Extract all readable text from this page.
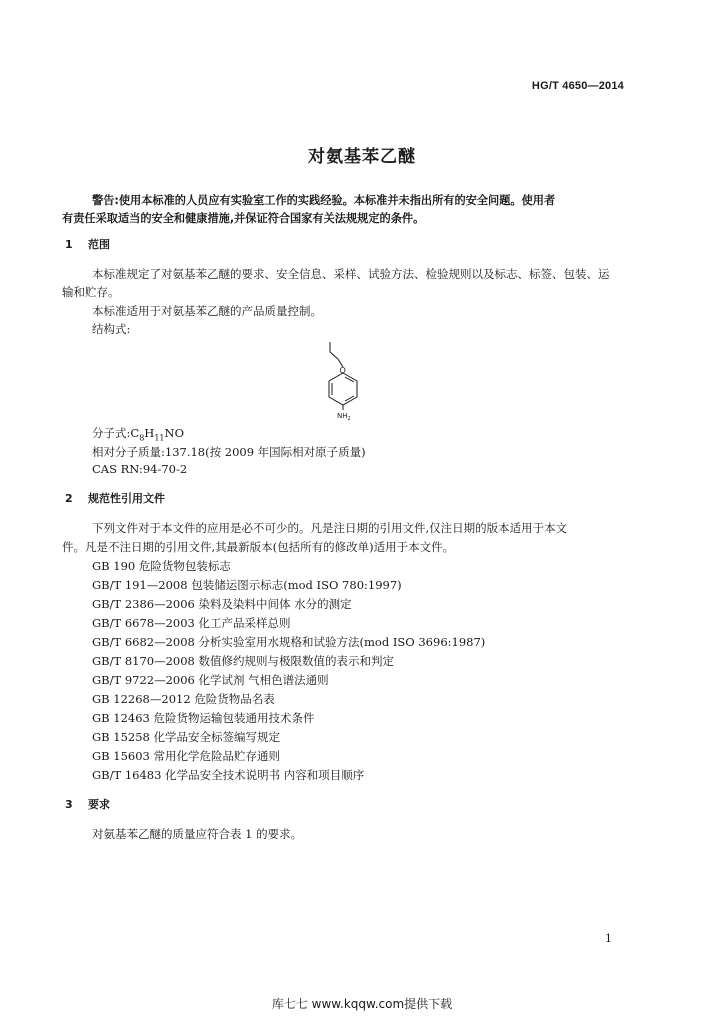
HG/T 4650—2014
对氨基苯乙醚
警告:使用本标准的人员应有实验室工作的实践经验。本标准并未指出所有的安全问题。使用者
有责任采取适当的安全和健康措施,并保证符合国家有关法规规定的条件。
1 范围
本标准规定了对氨基苯乙醚的要求、安全信息、采样、试验方法、检验规则以及标志、标签、包装、运
输和贮存。
本标准适用于对氨基苯乙醚的产品质量控制。
结构式:
O
$NH_2$
分子式$:C_8H_{11}NO$
相对分子质量:137.18(按 2009 年国际相对原子质量)
CAS RN:94-70-2
2 规范性引用文件
下列文件对于本文件的应用是必不可少的。凡是注日期的引用文件,仅注日期的版本适用于本文
件。凡是不注日期的引用文件,其最新版本(包括所有的修改单)适用于本文件。
GB 190 危险货物包装标志
GB/T 191—2008 包装储运图示标志(mod ISO 780:1997)
GB/T 2386—2006 染料及染料中间体 水分的测定
GB/T 6678—2003 化工产品采样总则
GB/T 6682—2008 分析实验室用水规格和试验方法(mod ISO 3696:1987)
GB/T 8170—2008 数值修约规则与极限数值的表示和判定
GB/T 9722—2006 化学试剂 气相色谱法通则
GB 12268—2012 危险货物品名表
GB 12463 危险货物运输包装通用技术条件
GB 15258 化学品安全标签编写规定
GB 15603 常用化学危险品贮存通则
GB/T 16483 化学品安全技术说明书 内容和项目顺序
3 要求
对氨基苯乙醚的质量应符合表 1 的要求。
1
库七七 www.kqqw.com提供下载
